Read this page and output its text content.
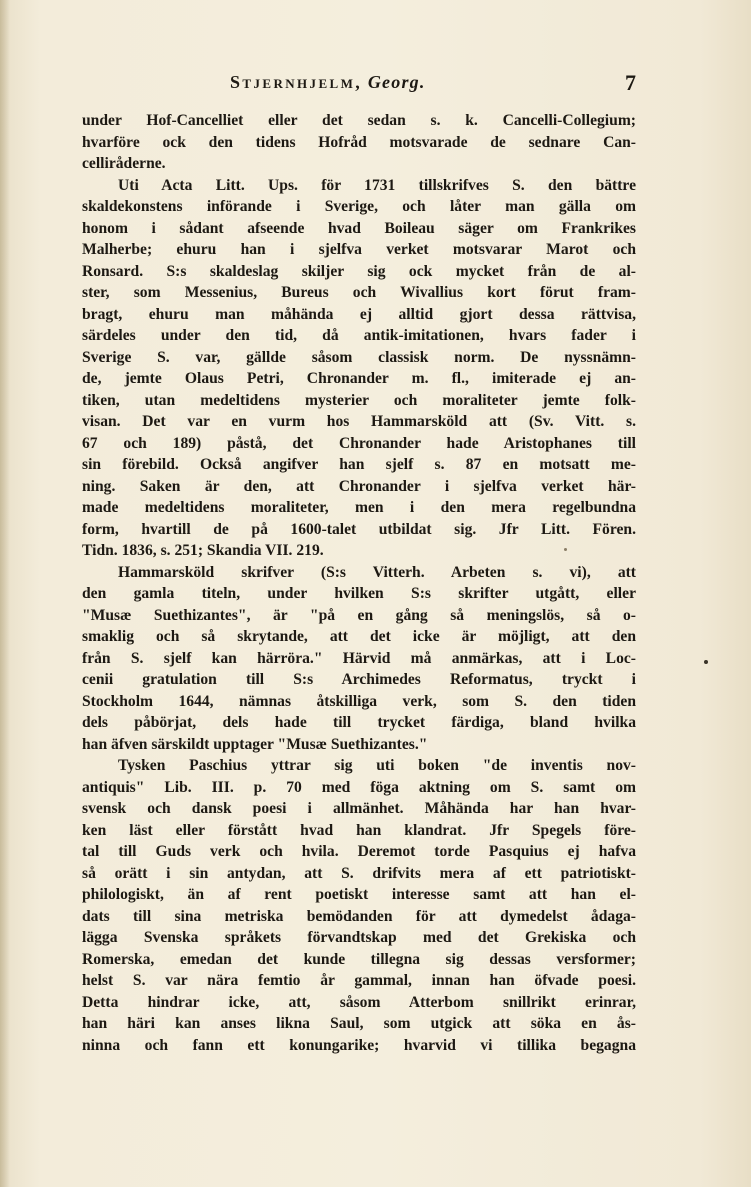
Stjernhjelm, Georg.	7
under Hof-Cancelliet eller det sedan s. k. Cancelli-Collegium;
hvarföre ock den tidens Hofråd motsvarade de sednare Can-
celliråderne.
Uti Acta Litt. Ups. för 1731 tillskrifves S. den bättre
skaldekonstens införande i Sverige, och låter man gälla om
honom i sådant afseende hvad Boileau säger om Frankrikes
Malherbe; ehuru han i sjelfva verket motsvarar Marot och
Ronsard. S:s skaldeslag skiljer sig ock mycket från de al-
ster, som Messenius, Bureus och Wivallius kort förut fram-
bragt, ehuru man måhända ej alltid gjort dessa rättvisa,
särdeles under den tid, då antik-imitationen, hvars fader i
Sverige S. var, gällde såsom classisk norm. De nyssnämn-
de, jemte Olaus Petri, Chronander m. fl., imiterade ej an-
tiken, utan medeltidens mysterier och moraliteter jemte folk-
visan. Det var en vurm hos Hammarsköld att (Sv. Vitt. s.
67 och 189) påstå, det Chronander hade Aristophanes till
sin förebild. Också angifver han sjelf s. 87 en motsatt me-
ning. Saken är den, att Chronander i sjelfva verket här-
made medeltidens moraliteter, men i den mera regelbundna
form, hvartill de på 1600-talet utbildat sig. Jfr Litt. Fören.
Tidn. 1836, s. 251; Skandia VII. 219.
Hammarsköld skrifver (S:s Vitterh. Arbeten s. vi), att
den gamla titeln, under hvilken S:s skrifter utgått, eller
"Musæ Suethizantes", är "på en gång så meningslös, så o-
smaklig och så skrytande, att det icke är möjligt, att den
från S. sjelf kan härröra." Härvid må anmärkas, att i Loc-
cenii gratulation till S:s Archimedes Reformatus, tryckt i
Stockholm 1644, nämnas åtskilliga verk, som S. den tiden
dels påbörjat, dels hade till trycket färdiga, bland hvilka
han äfven särskildt upptager "Musæ Suethizantes."
Tysken Paschius yttrar sig uti boken "de inventis nov-
antiquis" Lib. III. p. 70 med föga aktning om S. samt om
svensk och dansk poesi i allmänhet. Måhända har han hvar-
ken läst eller förstått hvad han klandrat. Jfr Spegels före-
tal till Guds verk och hvila. Deremot torde Pasquius ej hafva
så orätt i sin antydan, att S. drifvits mera af ett patriotiskt-
philologiskt, än af rent poetiskt interesse samt att han el-
dats till sina metriska bemödanden för att dymedelst ådaga-
lägga Svenska språkets förvandtskap med det Grekiska och
Romerska, emedan det kunde tillegna sig dessas versformer;
helst S. var nära femtio år gammal, innan han öfvade poesi.
Detta hindrar icke, att, såsom Atterbom snillrikt erinrar,
han häri kan anses likna Saul, som utgick att söka en ås-
ninna och fann ett konungarike; hvarvid vi tillika begagna
